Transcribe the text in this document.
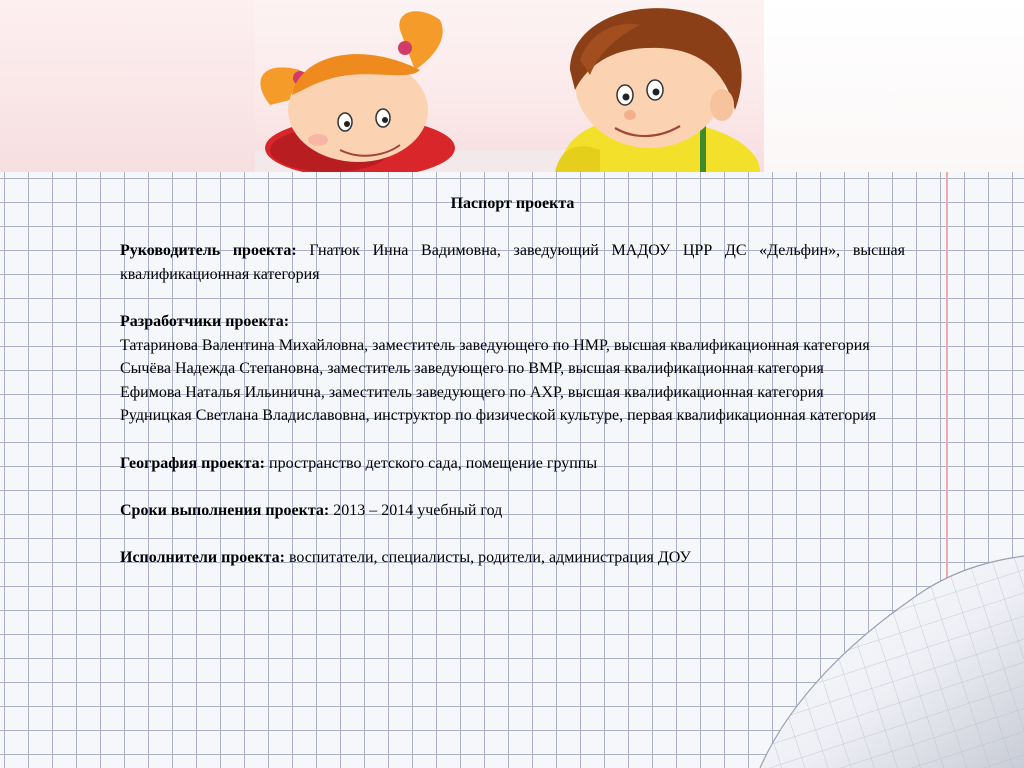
Паспорт проекта

Руководитель проекта: Гнатюк Инна Вадимовна, заведующий МАДОУ ЦРР ДС «Дельфин», высшая квалификационная категория

Разработчики проекта:

Татаринова Валентина Михайловна, заместитель заведующего по НМР, высшая квалификационная категория

Сычёва Надежда Степановна, заместитель заведующего по ВМР, высшая квалификационная категория

Ефимова Наталья Ильинична, заместитель заведующего по АХР, высшая квалификационная категория

Рудницкая Светлана Владиславовна, инструктор по физической культуре, первая квалификационная категория

География проекта: пространство детского сада, помещение группы

Сроки выполнения проекта: 2013 – 2014 учебный год

Исполнители проекта: воспитатели, специалисты, родители, администрация ДОУ
